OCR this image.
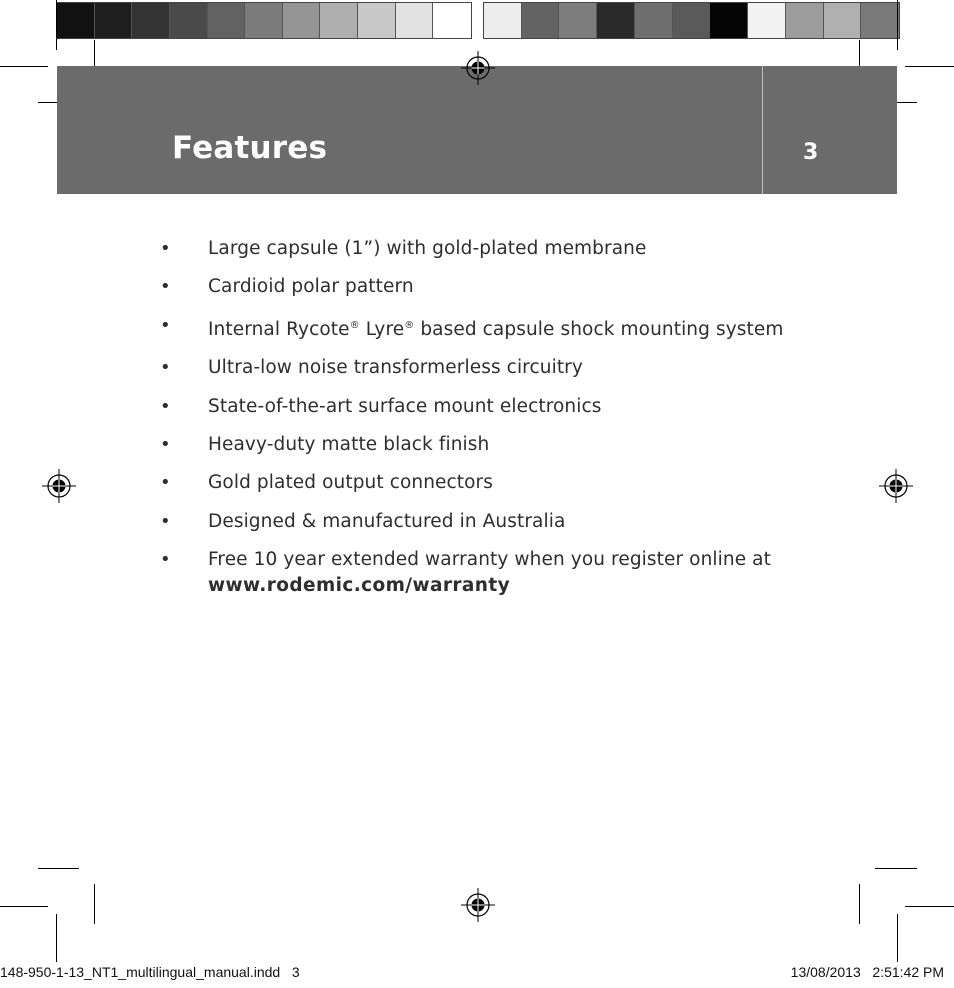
Features	3
• Large capsule (1”) with gold-plated membrane
• Cardioid polar pattern
• Internal Rycote® Lyre® based capsule shock mounting system
• Ultra-low noise transformerless circuitry
• State-of-the-art surface mount electronics
• Heavy-duty matte black finish
• Gold plated output connectors
• Designed & manufactured in Australia
• Free 10 year extended warranty when you register online at
www.rodemic.com/warranty
148-950-1-13_NT1_multilingual_manual.indd   3	13/08/2013   2:51:42 PM
